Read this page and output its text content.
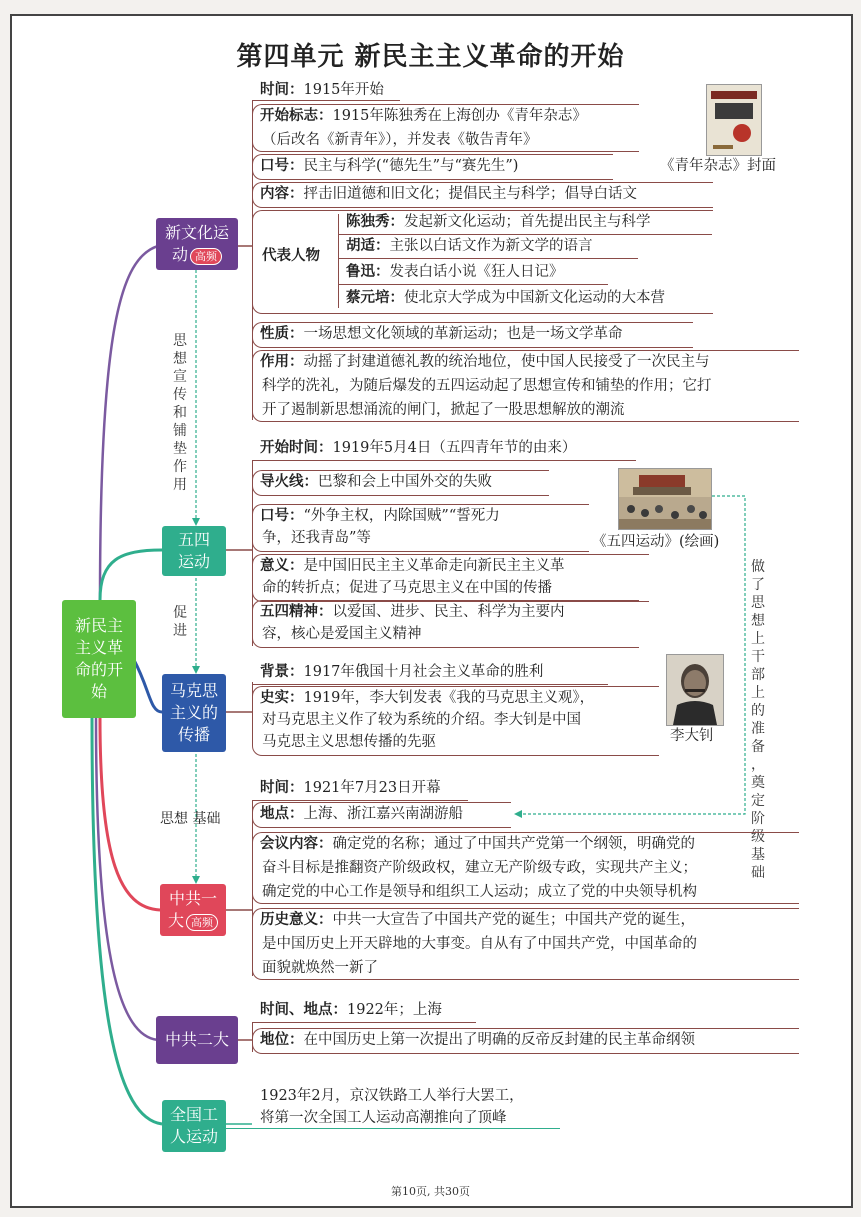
第四单元 新民主主义革命的开始
新民主
主义革
命的开
始
新文化运
动 高频
五四
运动
马克思
主义的
传播
中共一
大 高频
中共二大
全国工
人运动
思
想
宣
传
和
铺
垫
作
用
促
进
思想 基础
做
了
思
想
上
干
部
上
的
准
备
，
奠
定
阶
级
基
础
时间：1915年开始
开始标志：1915年陈独秀在上海创办《青年杂志》
（后改名《新青年》），并发表《敬告青年》
口号：民主与科学(“德先生”与“赛先生”)
内容：抨击旧道德和旧文化；提倡民主与科学；倡导白话文
代表人物
陈独秀：发起新文化运动；首先提出民主与科学
胡适：主张以白话文作为新文学的语言
鲁迅：发表白话小说《狂人日记》
蔡元培：使北京大学成为中国新文化运动的大本营
性质：一场思想文化领域的革新运动；也是一场文学革命
作用：动摇了封建道德礼教的统治地位，使中国人民接受了一次民主与
科学的洗礼，为随后爆发的五四运动起了思想宣传和铺垫的作用；它打
开了遏制新思想涌流的闸门，掀起了一股思想解放的潮流
《青年杂志》封面
开始时间：1919年5月4日（五四青年节的由来）
导火线：巴黎和会上中国外交的失败
口号：“外争主权，内除国贼”“誓死力
争，还我青岛”等
意义：是中国旧民主主义革命走向新民主主义革
命的转折点；促进了马克思主义在中国的传播
五四精神：以爱国、进步、民主、科学为主要内
容，核心是爱国主义精神
《五四运动》(绘画)
背景：1917年俄国十月社会主义革命的胜利
史实：1919年，李大钊发表《我的马克思主义观》，
对马克思主义作了较为系统的介绍。李大钊是中国
马克思主义思想传播的先驱	李大钊
时间：1921年7月23日开幕
地点：上海、浙江嘉兴南湖游船
会议内容：确定党的名称；通过了中国共产党第一个纲领，明确党的
奋斗目标是推翻资产阶级政权，建立无产阶级专政，实现共产主义；
确定党的中心工作是领导和组织工人运动；成立了党的中央领导机构
历史意义：中共一大宣告了中国共产党的诞生；中国共产党的诞生，
是中国历史上开天辟地的大事变。自从有了中国共产党，中国革命的
面貌就焕然一新了
时间、地点：1922年；上海
地位：在中国历史上第一次提出了明确的反帝反封建的民主革命纲领
1923年2月，京汉铁路工人举行大罢工，
将第一次全国工人运动高潮推向了顶峰
第10页, 共30页
